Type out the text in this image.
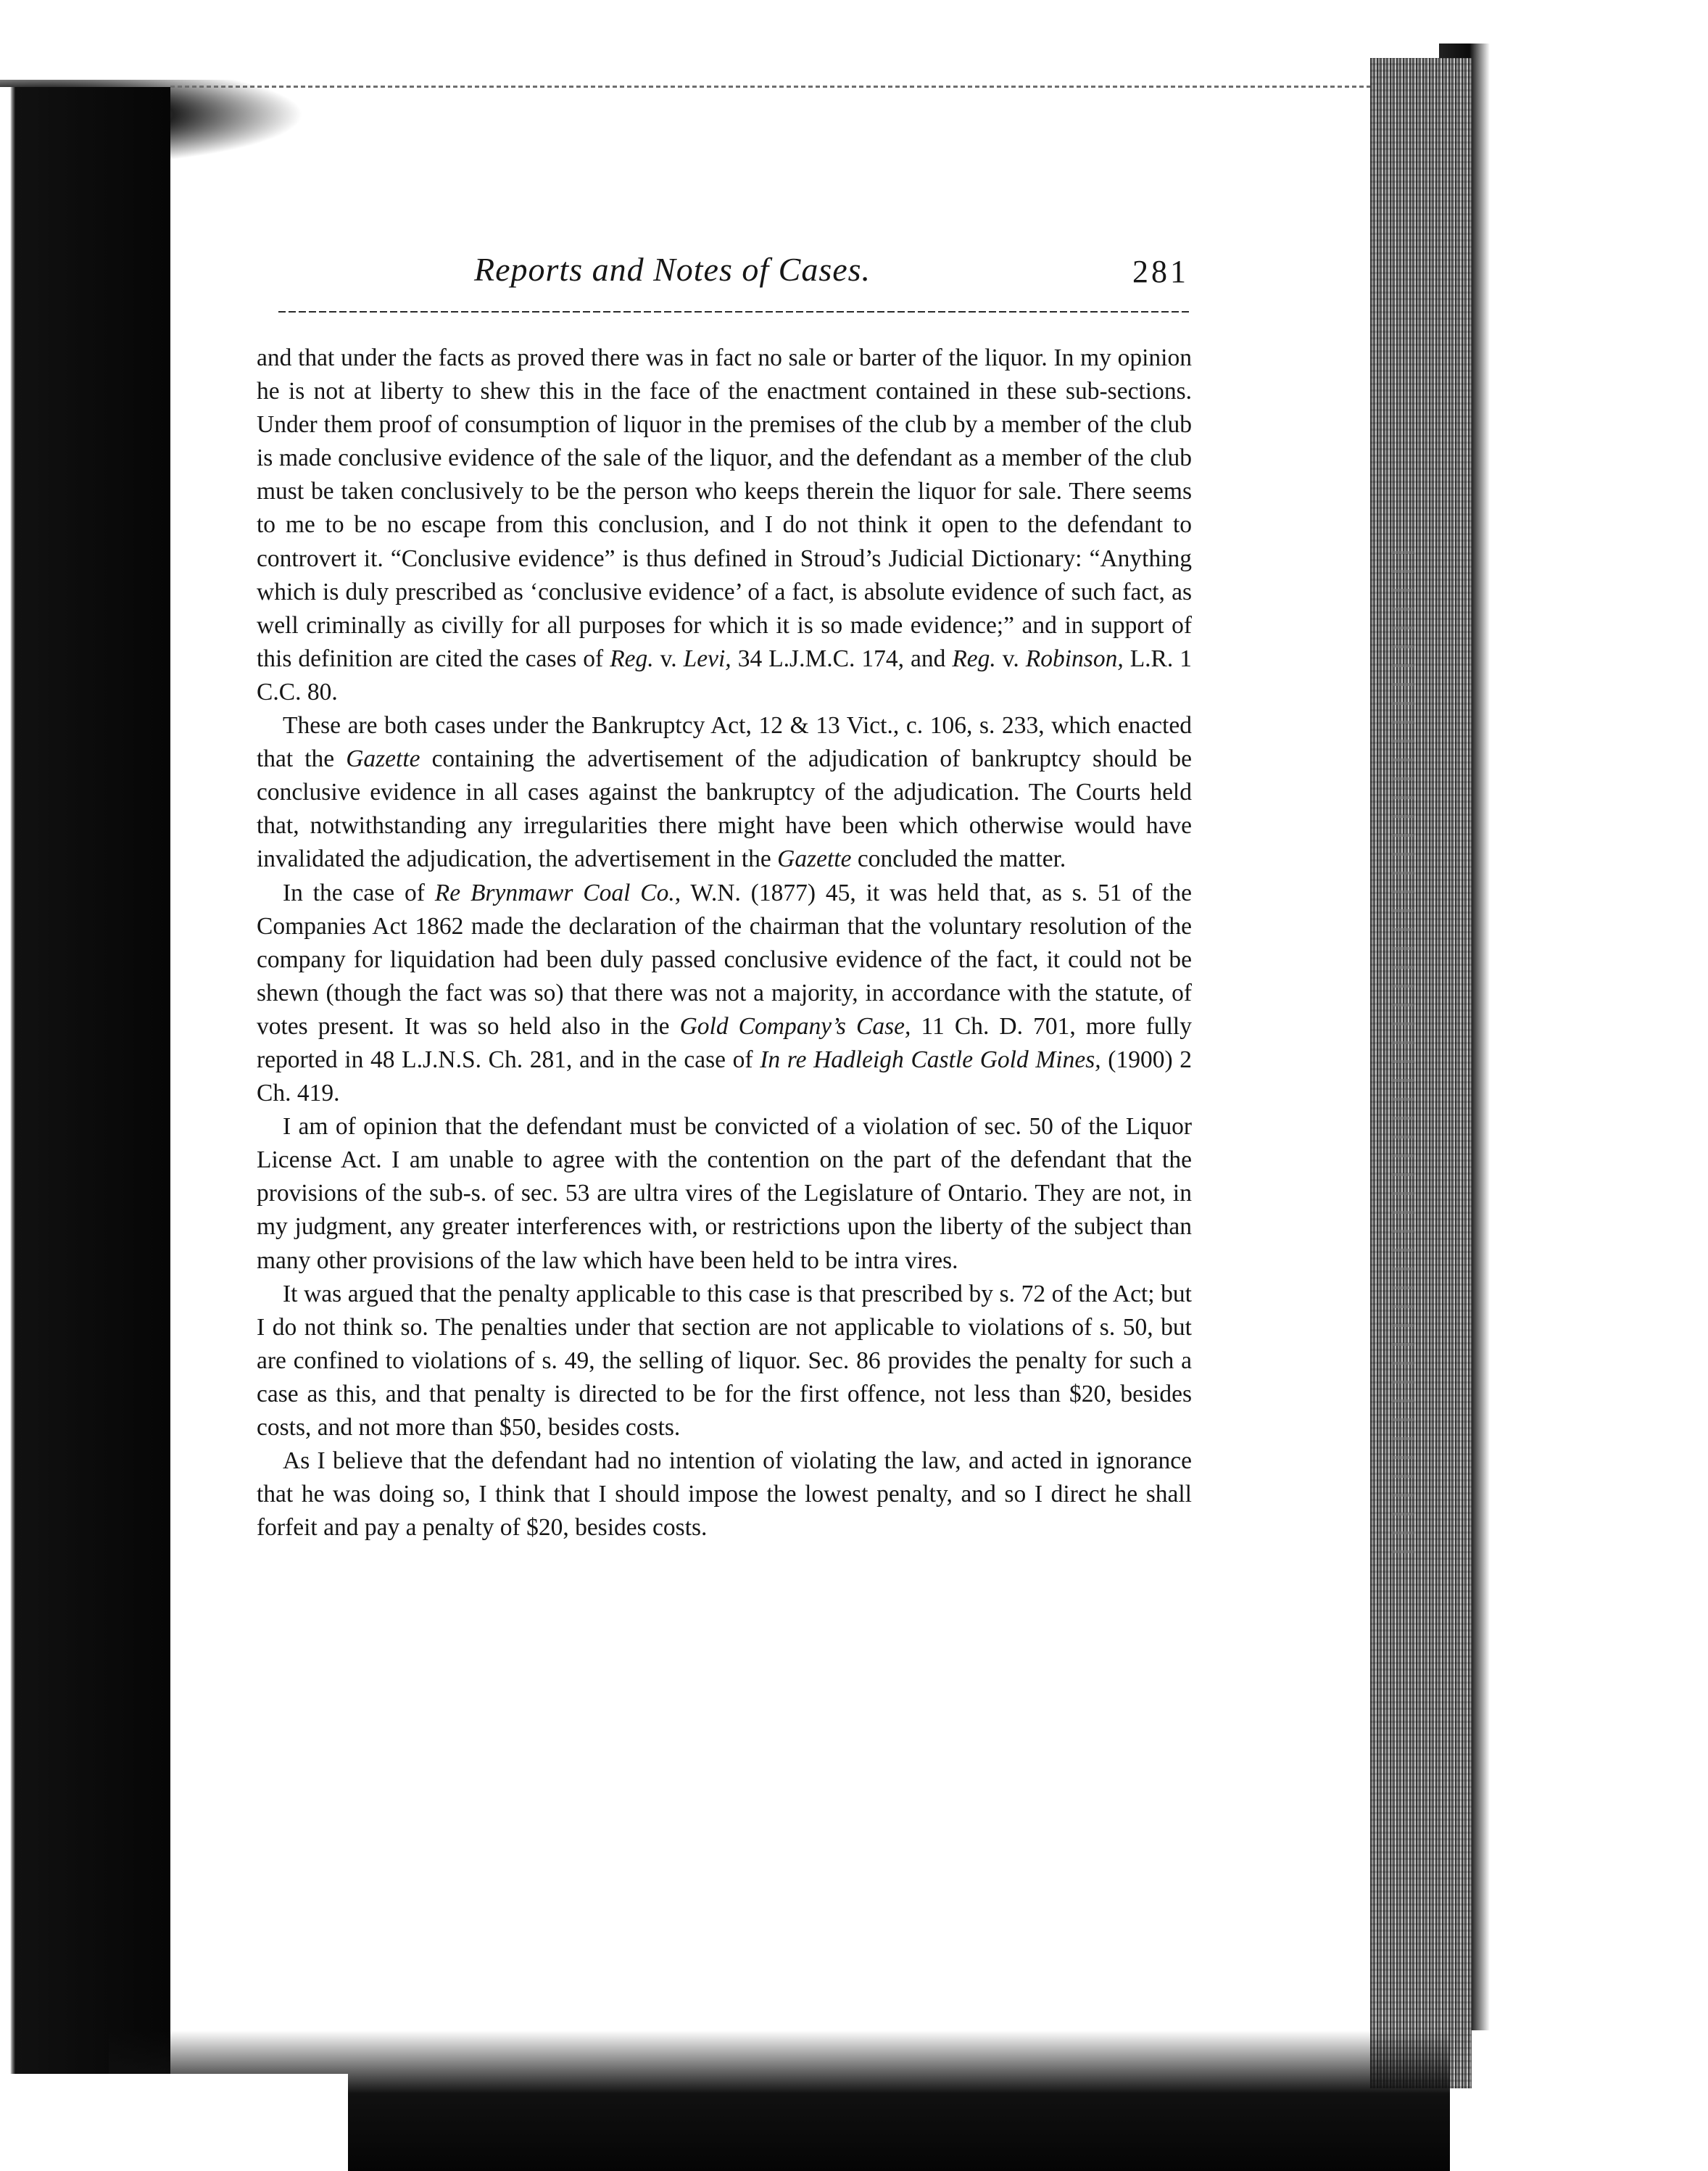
Reports and Notes of Cases.	281

and that under the facts as proved there was in fact no sale or barter of the liquor. In my opinion he is not at liberty to shew this in the face of the enactment contained in these sub-sections. Under them proof of consumption of liquor in the premises of the club by a member of the club is made conclusive evidence of the sale of the liquor, and the defendant as a member of the club must be taken conclusively to be the person who keeps therein the liquor for sale. There seems to me to be no escape from this conclusion, and I do not think it open to the defendant to controvert it. “Conclusive evidence” is thus defined in Stroud’s Judicial Dictionary: “Anything which is duly prescribed as ‘conclusive evidence’ of a fact, is absolute evidence of such fact, as well criminally as civilly for all purposes for which it is so made evidence;” and in support of this definition are cited the cases of Reg. v. Levi, 34 L.J.M.C. 174, and Reg. v. Robinson, L.R. 1 C.C. 80.

These are both cases under the Bankruptcy Act, 12 & 13 Vict., c. 106, s. 233, which enacted that the Gazette containing the advertisement of the adjudication of bankruptcy should be conclusive evidence in all cases against the bankruptcy of the adjudication. The Courts held that, notwithstanding any irregularities there might have been which otherwise would have invalidated the adjudication, the advertisement in the Gazette concluded the matter.

In the case of Re Brynmawr Coal Co., W.N. (1877) 45, it was held that, as s. 51 of the Companies Act 1862 made the declaration of the chairman that the voluntary resolution of the company for liquidation had been duly passed conclusive evidence of the fact, it could not be shewn (though the fact was so) that there was not a majority, in accordance with the statute, of votes present. It was so held also in the Gold Company’s Case, 11 Ch. D. 701, more fully reported in 48 L.J.N.S. Ch. 281, and in the case of In re Hadleigh Castle Gold Mines, (1900) 2 Ch. 419.

I am of opinion that the defendant must be convicted of a violation of sec. 50 of the Liquor License Act. I am unable to agree with the contention on the part of the defendant that the provisions of the sub-s. of sec. 53 are ultra vires of the Legislature of Ontario. They are not, in my judgment, any greater interferences with, or restrictions upon the liberty of the subject than many other provisions of the law which have been held to be intra vires.

It was argued that the penalty applicable to this case is that prescribed by s. 72 of the Act; but I do not think so. The penalties under that section are not applicable to violations of s. 50, but are confined to violations of s. 49, the selling of liquor. Sec. 86 provides the penalty for such a case as this, and that penalty is directed to be for the first offence, not less than $20, besides costs, and not more than $50, besides costs.

As I believe that the defendant had no intention of violating the law, and acted in ignorance that he was doing so, I think that I should impose the lowest penalty, and so I direct he shall forfeit and pay a penalty of $20, besides costs.
